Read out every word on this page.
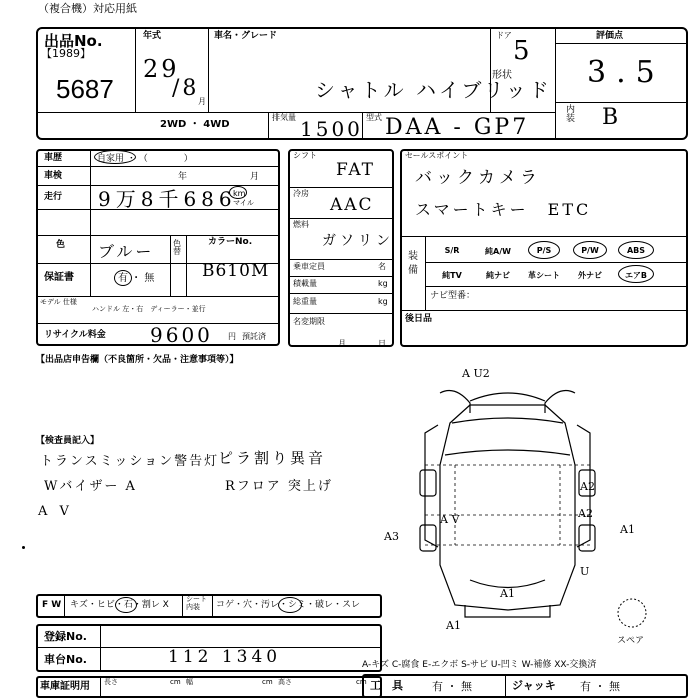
（複合機）対応用紙
出品No.
【1989】
5687
年式
29
/8
月
車名・グレード
シャトル ハイブリッド
ドア
5
形状
評価点
3.5
内装 B
2WD ・ 4WD
排気量 1500 型式 DAA - GP7
車歴	自家用 ・ （　　　　）
車検	年	月
走行 9万8千686
km
マイル
色 ブルー 色替
カラーNo.
B610M
保証書	有 ・ 無
モデル 仕様
ハンドル 左・右　ディーラー・並行
リサイクル料金 9600 円 預託済
シフト
FAT
冷房
AAC
燃料
ガソリン
乗車定員	名
積載量	kg
総重量	kg
名変期限
月	日
セールスポイント
バックカメラ
スマートキー　ETC
装備
S/R	純A/W	P/S	P/W	ABS
純TV	純ナビ	革シート	外ナビ	エアB
ナビ型番：
後日品
【出品店申告欄（不良箇所・欠品・注意事項等）】
【検査員記入】
トランスミッション警告灯
ピラ割り異音
Wバイザー A	Rフロア 突上げ
A V
A U2
A2
A2
A3
A V
A1
U
A1
A1
スペア
F W キズ・ヒビ・石・割レ X
シート 内装	コゲ・穴・汚レ・シミ・破レ・スレ
登録No.
車台No.	112 1340	A-キズ C-腐食 E-エクボ S-サビ U-凹ミ W-補修 XX-交換済
車庫証明用 長さ	cm 幅	cm 高さ	cm 工　具	有 ・ 無	ジャッキ 有 ・ 無
